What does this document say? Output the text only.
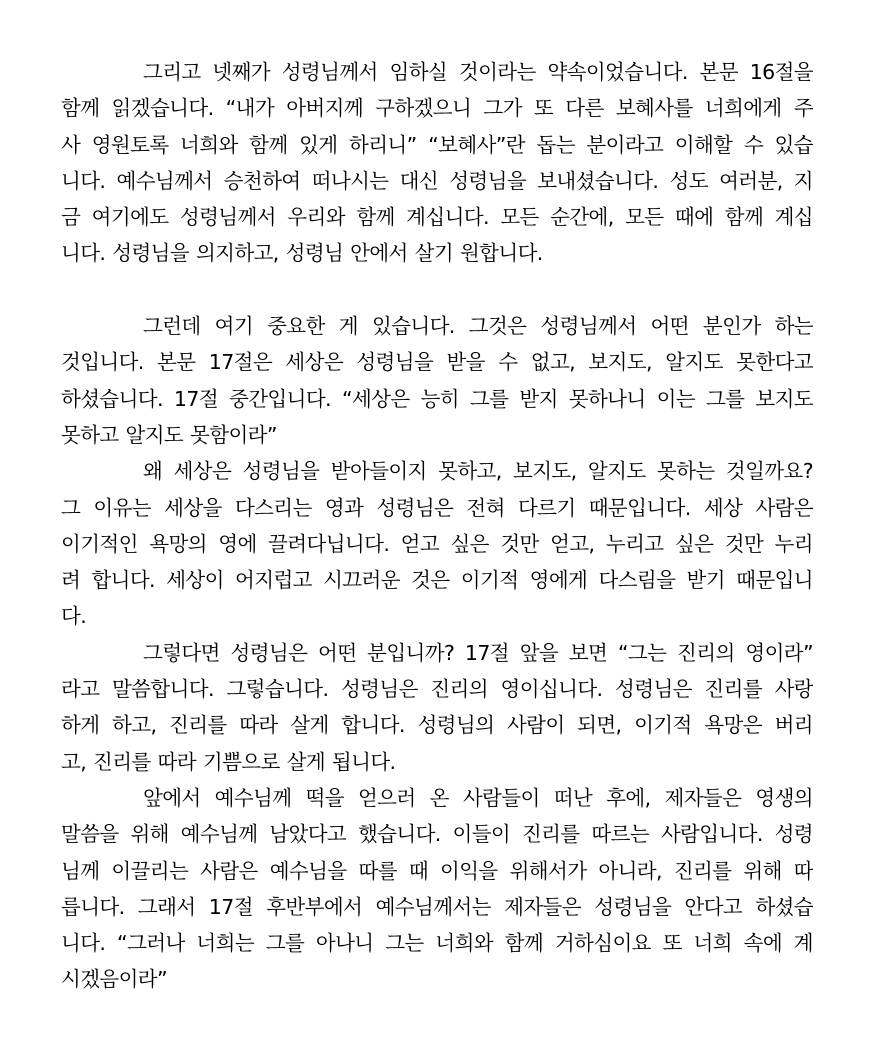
그리고 넷째가 성령님께서 임하실 것이라는 약속이었습니다. 본문 16절을
함께 읽겠습니다. “내가 아버지께 구하겠으니 그가 또 다른 보혜사를 너희에게 주
사 영원토록 너희와 함께 있게 하리니” “보혜사”란 돕는 분이라고 이해할 수 있습
니다. 예수님께서 승천하여 떠나시는 대신 성령님을 보내셨습니다. 성도 여러분, 지
금 여기에도 성령님께서 우리와 함께 계십니다. 모든 순간에, 모든 때에 함께 계십
니다. 성령님을 의지하고, 성령님 안에서 살기 원합니다.
그런데 여기 중요한 게 있습니다. 그것은 성령님께서 어떤 분인가 하는
것입니다. 본문 17절은 세상은 성령님을 받을 수 없고, 보지도, 알지도 못한다고
하셨습니다. 17절 중간입니다. “세상은 능히 그를 받지 못하나니 이는 그를 보지도
못하고 알지도 못함이라”
왜 세상은 성령님을 받아들이지 못하고, 보지도, 알지도 못하는 것일까요?
그 이유는 세상을 다스리는 영과 성령님은 전혀 다르기 때문입니다. 세상 사람은
이기적인 욕망의 영에 끌려다닙니다. 얻고 싶은 것만 얻고, 누리고 싶은 것만 누리
려 합니다. 세상이 어지럽고 시끄러운 것은 이기적 영에게 다스림을 받기 때문입니
다.
그렇다면 성령님은 어떤 분입니까? 17절 앞을 보면 “그는 진리의 영이라”
라고 말씀합니다. 그렇습니다. 성령님은 진리의 영이십니다. 성령님은 진리를 사랑
하게 하고, 진리를 따라 살게 합니다. 성령님의 사람이 되면, 이기적 욕망은 버리
고, 진리를 따라 기쁨으로 살게 됩니다.
앞에서 예수님께 떡을 얻으러 온 사람들이 떠난 후에, 제자들은 영생의
말씀을 위해 예수님께 남았다고 했습니다. 이들이 진리를 따르는 사람입니다. 성령
님께 이끌리는 사람은 예수님을 따를 때 이익을 위해서가 아니라, 진리를 위해 따
릅니다. 그래서 17절 후반부에서 예수님께서는 제자들은 성령님을 안다고 하셨습
니다. “그러나 너희는 그를 아나니 그는 너희와 함께 거하심이요 또 너희 속에 계
시겠음이라”
